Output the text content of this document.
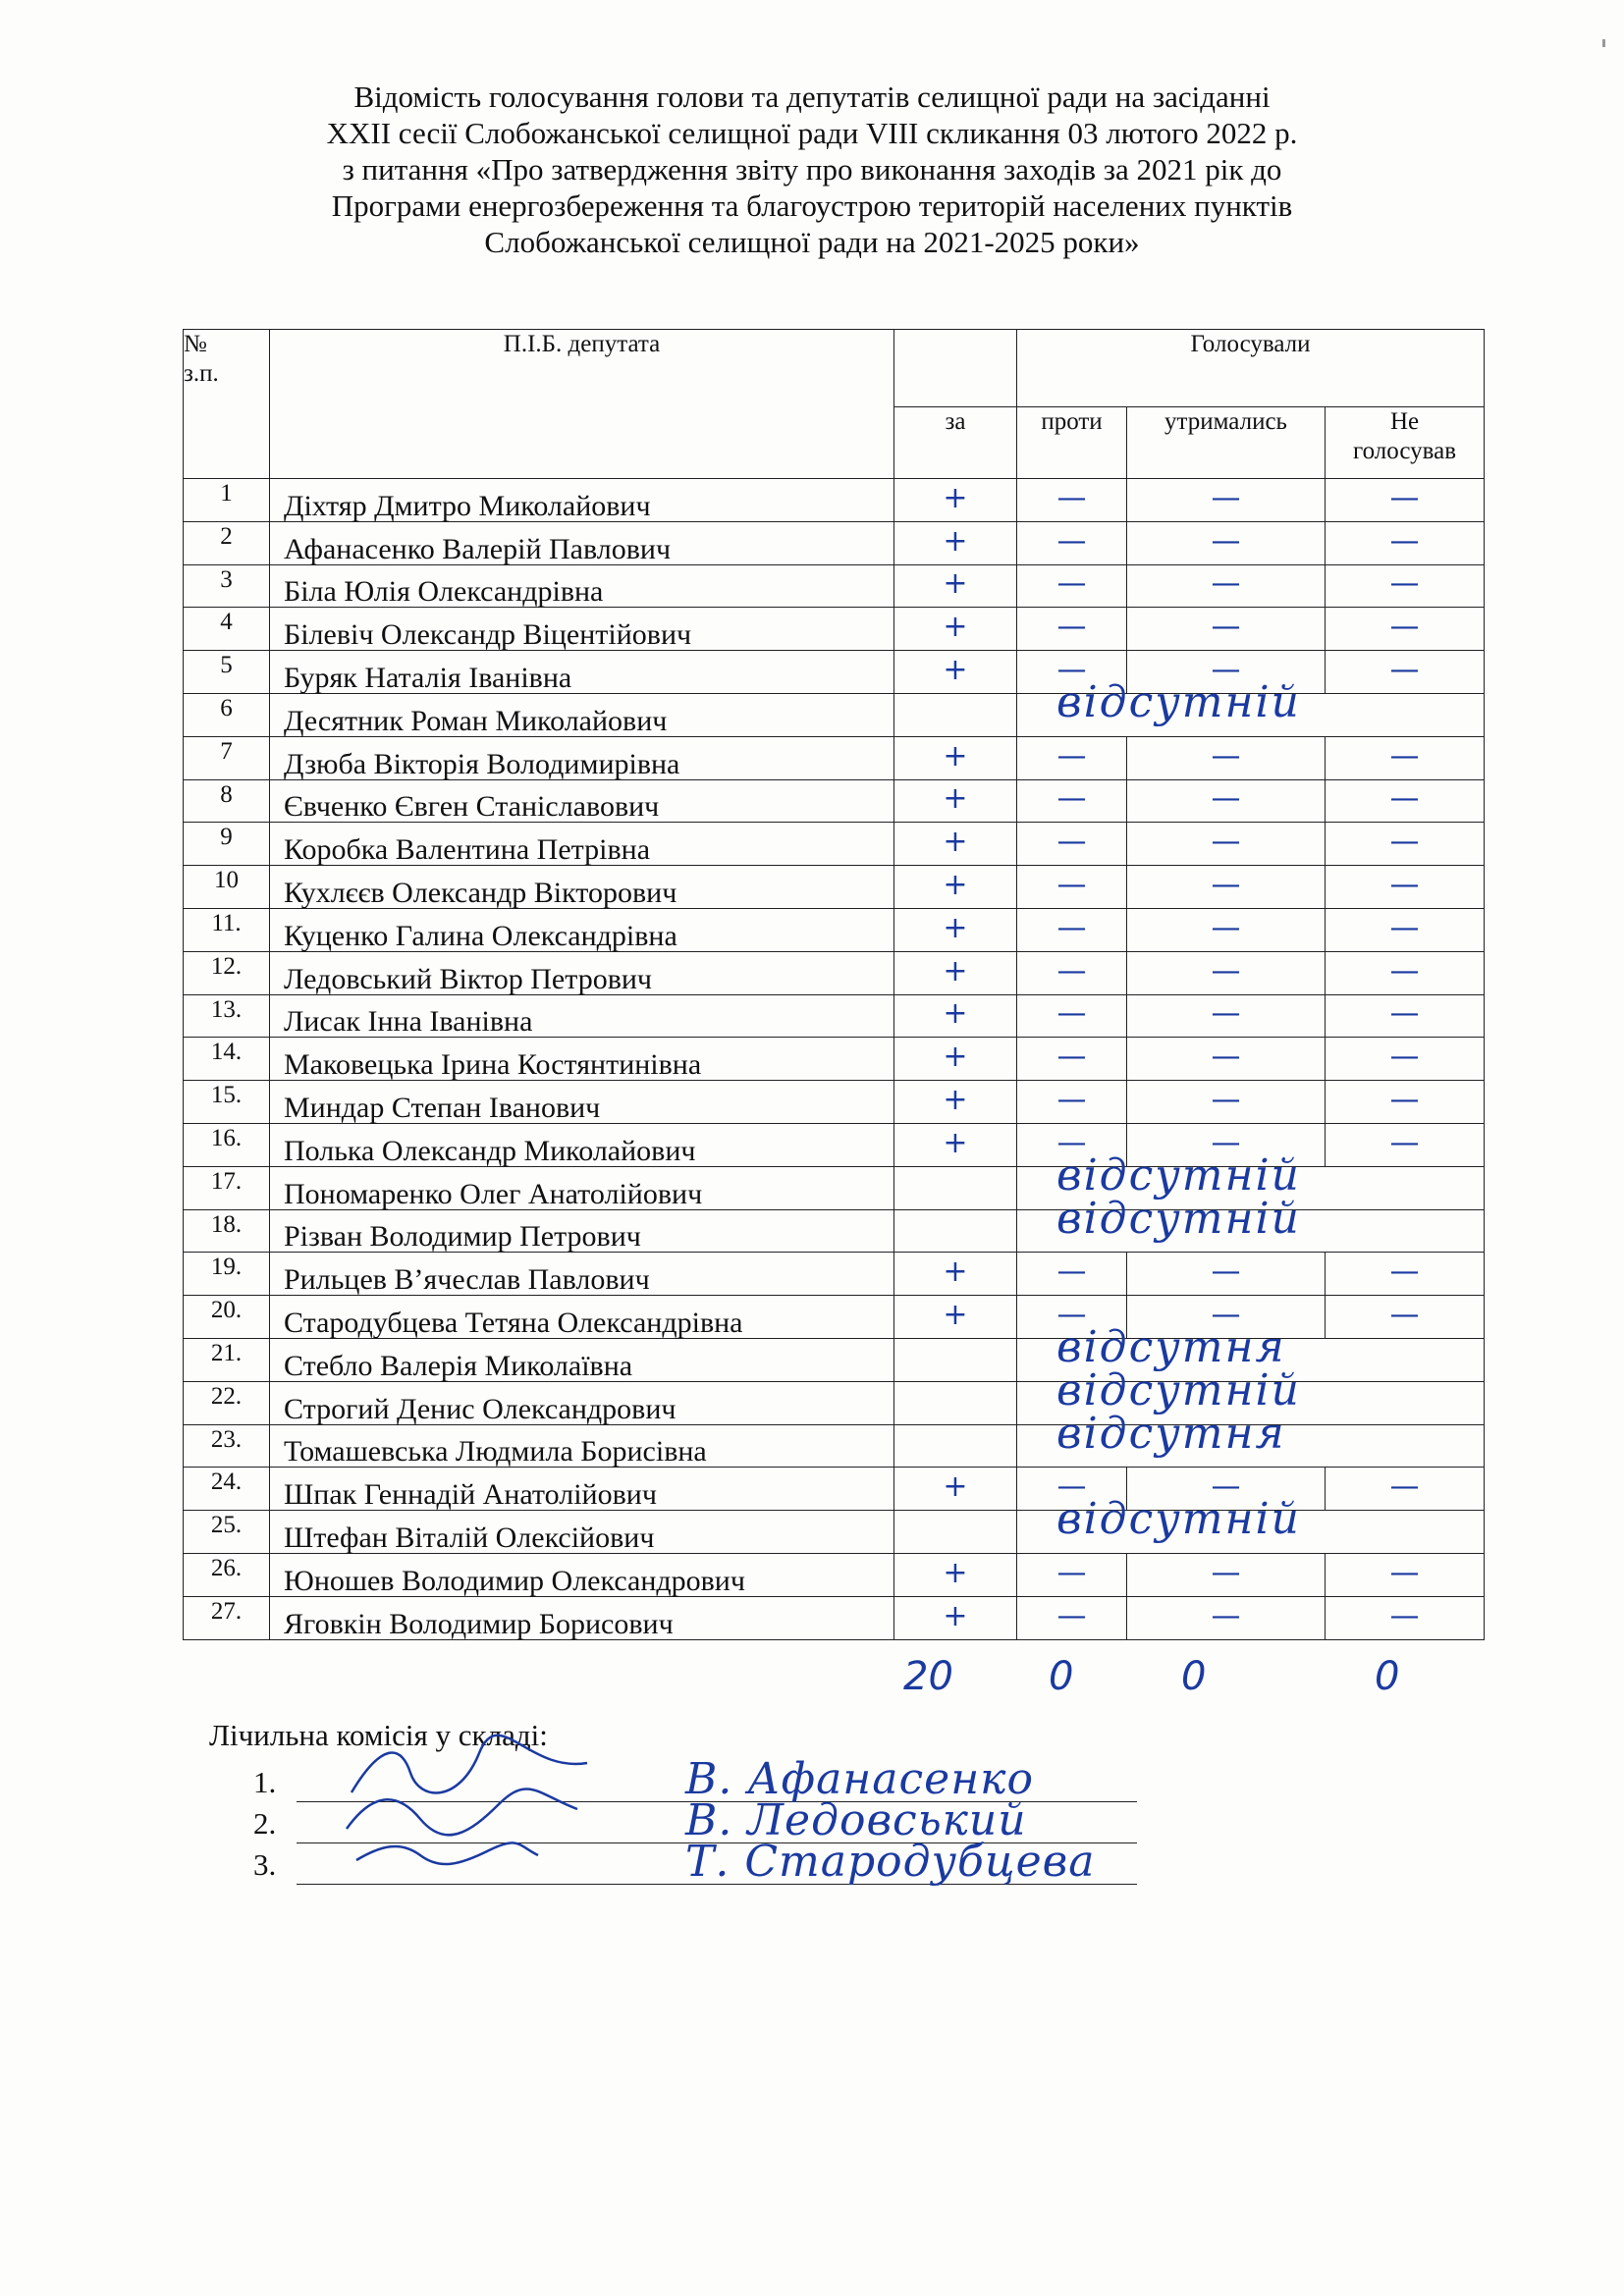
Відомість голосування голови та депутатів селищної ради на засіданні
XXII сесії Слобожанської селищної ради VIII скликання 03 лютого 2022 р.
з питання «Про затвердження звіту про виконання заходів за 2021 рік до
Програми енергозбереження та благоустрою територій населених пунктів
Слобожанської селищної ради на 2021-2025 роки»
№
з.п.	П.І.Б. депутата		Голосували		
		за	проти	утримались	Не
голосував
1	Діхтяр Дмитро Миколайович	+	—	—	—
2	Афанасенко Валерій Павлович	+	—	—	—
3	Біла Юлія Олександрівна	+	—	—	—
4	Білевіч Олександр Віцентійович	+	—	—	—
5	Буряк Наталія Іванівна	+	—	—	—
6	Десятник Роман Миколайович		відсутній		

7	Дзюба Вікторія Володимирівна	+	—	—	—
8	Євченко Євген Станіславович	+	—	—	—
9	Коробка Валентина Петрівна	+	—	—	—
10	Кухлєєв Олександр Вікторович	+	—	—	—
11.	Куценко Галина Олександрівна	+	—	—	—
12.	Ледовський Віктор Петрович	+	—	—	—
13.	Лисак Інна Іванівна	+	—	—	—
14.	Маковецька Ірина Костянтинівна	+	—	—	—
15.	Миндар Степан Іванович	+	—	—	—
16.	Полька Олександр Миколайович	+	—	—	—
17.	Пономаренко Олег Анатолійович		відсутній		

18.	Різван Володимир Петрович		відсутній		

19.	Рильцев В’ячеслав Павлович	+	—	—	—
20.	Стародубцева Тетяна Олександрівна	+	—	—	—
21.	Стебло Валерія Миколаївна		відсутня		

22.	Строгий Денис Олександрович		відсутній		

23.	Томашевська Людмила Борисівна		відсутня		

24.	Шпак Геннадій Анатолійович	+	—	—	—
25.	Штефан Віталій Олексійович		відсутній		

26.	Юношев Володимир Олександрович	+	—	—	—
27.	Яговкін Володимир Борисович	+	—	—	—
20 0	0	0
Лічильна комісія у складі:
1.	В. Афанасенко
2.	В. Ледовський
3.	Т. Стародубцева
